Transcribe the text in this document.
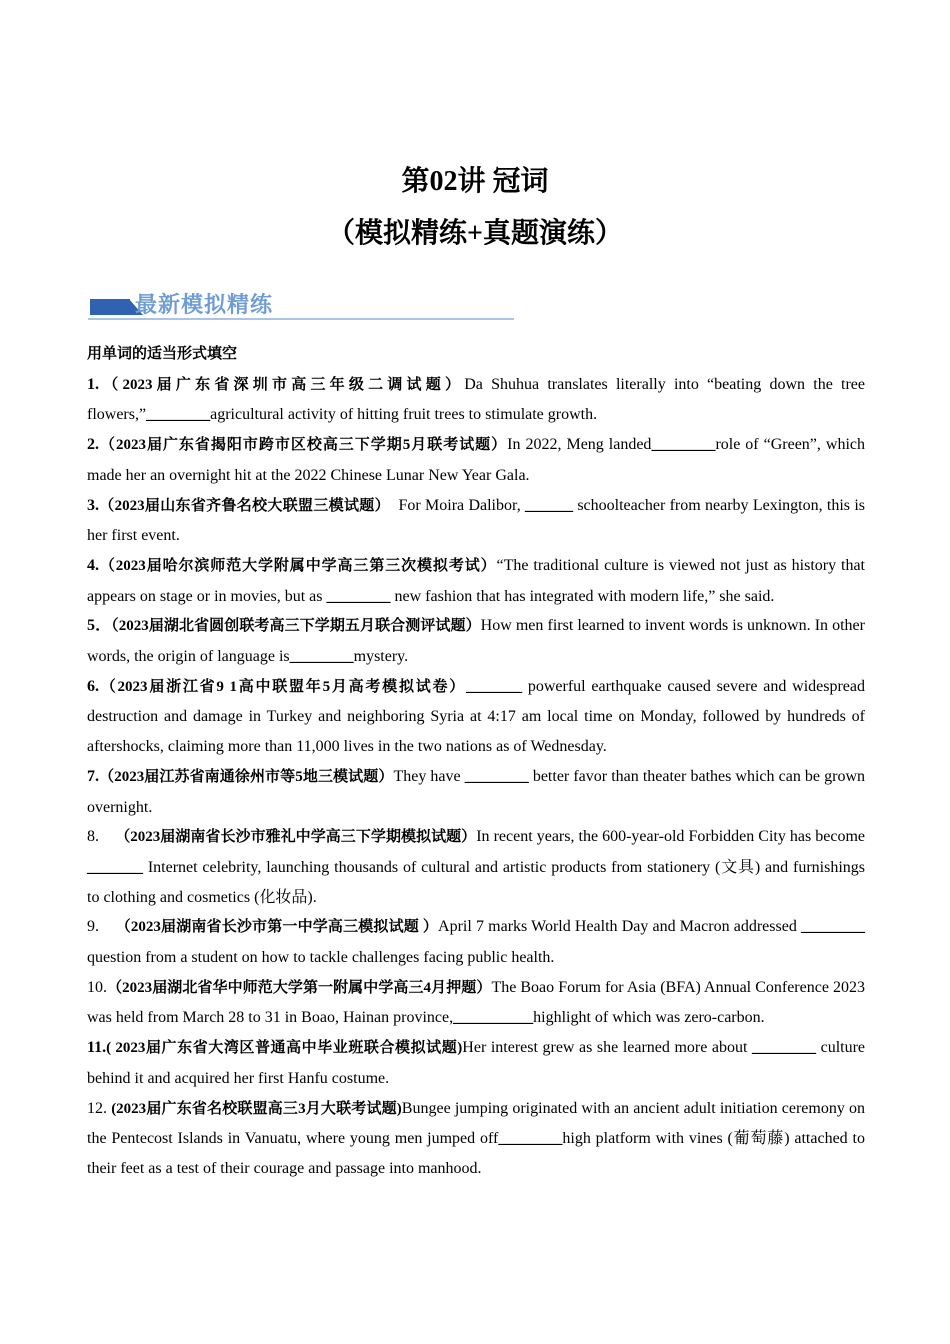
第02讲 冠词
（模拟精练+真题演练）
最新模拟精练

用单词的适当形式填空

1.（2023届广东省深圳市高三年级二调试题）Da Shuhua translates literally into “beating down the tree flowers,”________agricultural activity of hitting fruit trees to stimulate growth.

2.（2023届广东省揭阳市跨市区校高三下学期5月联考试题）In 2022, Meng landed________role of “Green”, which made her an overnight hit at the 2022 Chinese Lunar New Year Gala.

3.（2023届山东省齐鲁名校大联盟三模试题）  For Moira Dalibor, ______ schoolteacher from nearby Lexington, this is her first event.

4.（2023届哈尔滨师范大学附属中学高三第三次模拟考试）“The traditional culture is viewed not just as history that appears on stage or in movies, but as ________ new fashion that has integrated with modern life,” she said.

5．（2023届湖北省圆创联考高三下学期五月联合测评试题）How men first learned to invent words is unknown. In other words, the origin of language is________mystery.

6.（2023届浙江省9 1高中联盟年5月高考模拟试卷）_______ powerful earthquake caused severe and widespread destruction and damage in Turkey and neighboring Syria at 4:17 am local time on Monday, followed by hundreds of aftershocks, claiming more than 11,000 lives in the two nations as of Wednesday.

7.（2023届江苏省南通徐州市等5地三模试题）They have ________ better favor than theater bathes which can be grown overnight.

8.    （2023届湖南省长沙市雅礼中学高三下学期模拟试题）In recent years, the 600-year-old Forbidden City has become _______ Internet celebrity, launching thousands of cultural and artistic products from stationery (文具) and furnishings to clothing and cosmetics (化妆品).

9.    （2023届湖南省长沙市第一中学高三模拟试题 ）April 7 marks World Health Day and Macron addressed ________ question from a student on how to tackle challenges facing public health.

10.（2023届湖北省华中师范大学第一附属中学高三4月押题）The Boao Forum for Asia (BFA) Annual Conference 2023 was held from March 28 to 31 in Boao, Hainan province,__________highlight of which was zero-carbon.

11.( 2023届广东省大湾区普通高中毕业班联合模拟试题)Her interest grew as she learned more about ________ culture behind it and acquired her first Hanfu costume.

12. (2023届广东省名校联盟高三3月大联考试题)Bungee jumping originated with an ancient adult initiation ceremony on the Pentecost Islands in Vanuatu, where young men jumped off________high platform with vines (葡萄藤) attached to their feet as a test of their courage and passage into manhood.
